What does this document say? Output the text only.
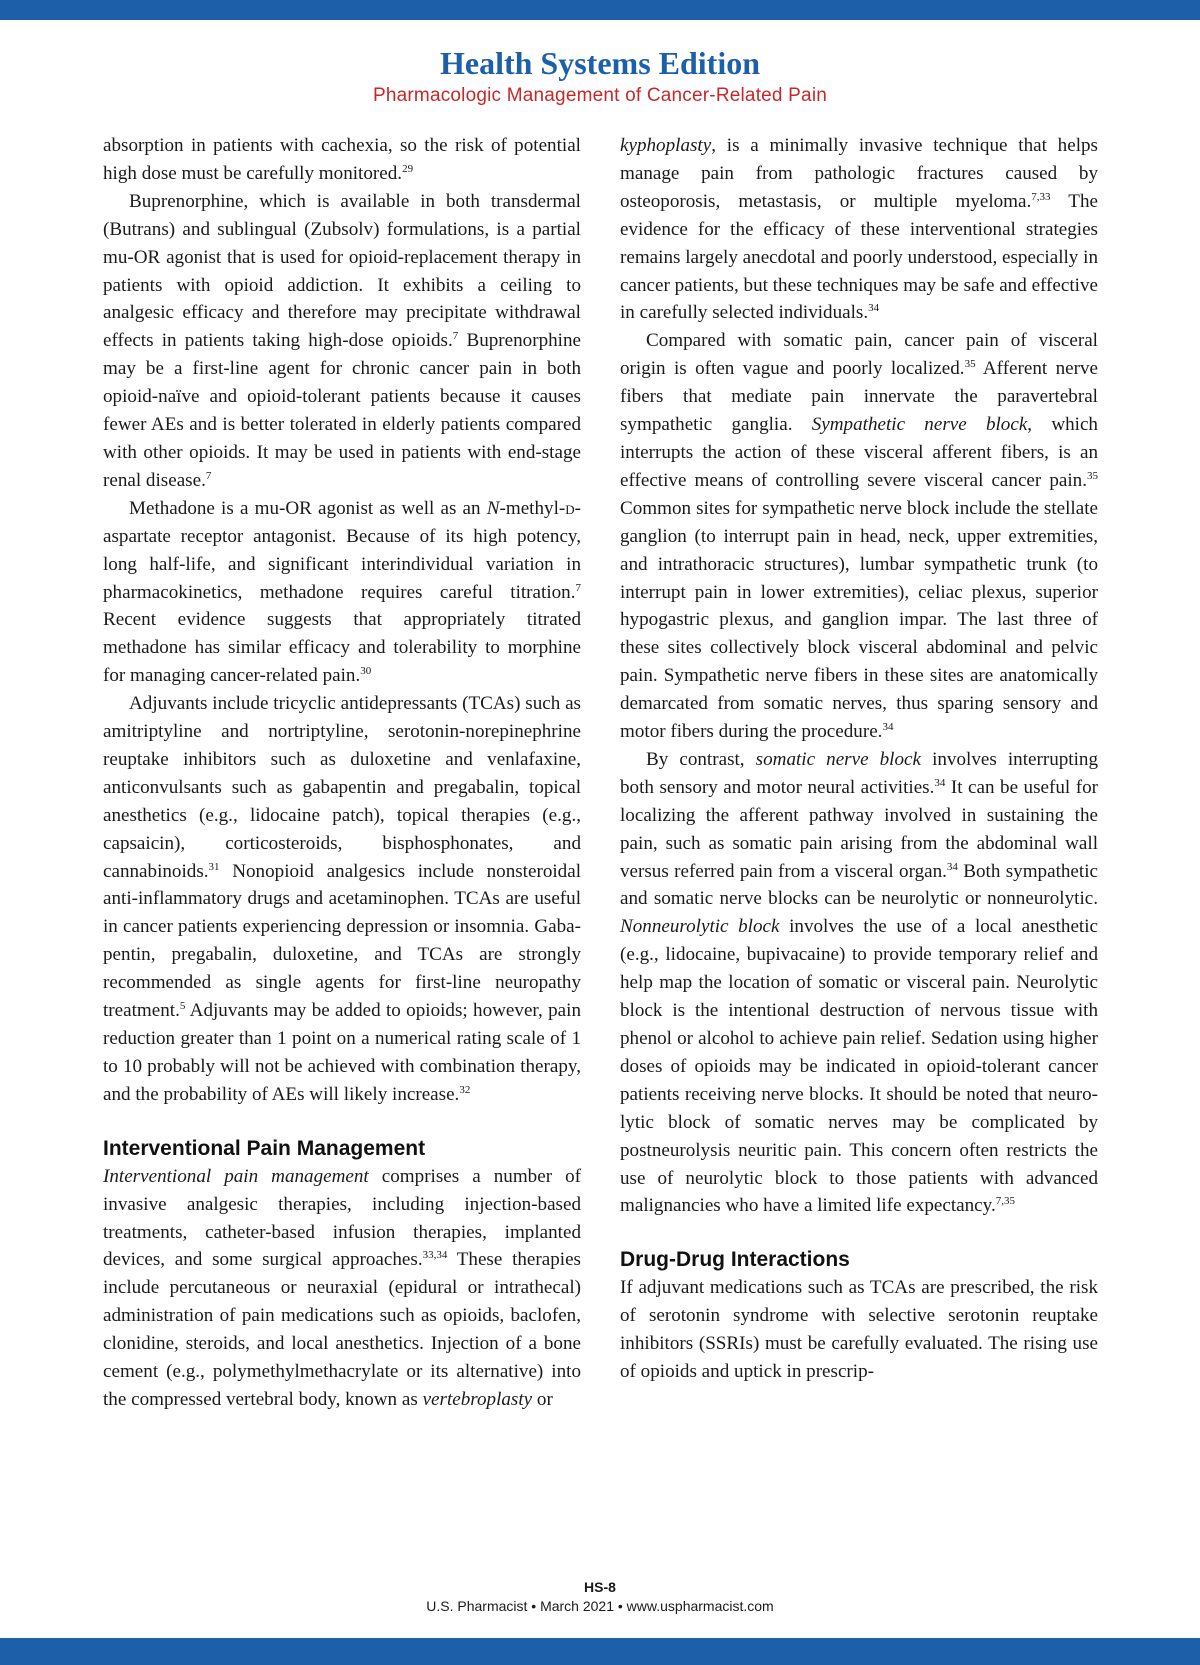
Health Systems Edition
Pharmacologic Management of Cancer-Related Pain

absorption in patients with cachexia, so the risk of potential high dose must be carefully monitored.$^{29}$

Buprenorphine, which is available in both transdermal (Butrans) and sublingual (Zubsolv) formulations, is a partial mu-OR agonist that is used for opioid-replacement therapy in patients with opioid addiction. It exhibits a ceiling to analgesic efficacy and therefore may precipitate withdrawal effects in patients taking high-dose opioids.$^7$ Buprenorphine may be a first-line agent for chronic cancer pain in both opioid-naïve and opioid-tolerant patients because it causes fewer AEs and is better tolerated in elderly patients compared with other opioids. It may be used in patients with end-stage renal disease.$^7$

Methadone is a mu-OR agonist as well as an N-methyl-d-aspartate receptor antagonist. Because of its high potency, long half-life, and significant interindividual variation in pharmacokinetics, methadone requires careful titration.$^7$ Recent evidence suggests that appropriately titrated methadone has similar efficacy and tolerability to morphine for managing cancer-related pain.$^{30}$

Adjuvants include tricyclic antidepressants (TCAs) such as amitriptyline and nortriptyline, serotonin-norepinephrine reuptake inhibitors such as duloxetine and venlafaxine, anticonvulsants such as gabapentin and pregabalin, topical anesthetics (e.g., lidocaine patch), topical therapies (e.g., capsaicin), corticosteroids, bisphosphonates, and cannabinoids.$^{31}$ Nonopioid analgesics include nonsteroidal anti-inflammatory drugs and acetaminophen. TCAs are useful in cancer patients experiencing depression or insomnia. Gabapentin, pregabalin, duloxetine, and TCAs are strongly recommended as single agents for first-line neuropathy treatment.$^5$ Adjuvants may be added to opioids; however, pain reduction greater than 1 point on a numerical rating scale of 1 to 10 probably will not be achieved with combination therapy, and the probability of AEs will likely increase.$^{32}$

Interventional Pain Management

Interventional pain management comprises a number of invasive analgesic therapies, including injection-based treatments, catheter-based infusion therapies, implanted devices, and some surgical approaches.$^{33,34}$ These therapies include percutaneous or neuraxial (epidural or intrathecal) administration of pain medications such as opioids, baclofen, clonidine, steroids, and local anesthetics. Injection of a bone cement (e.g., polymethylmethacrylate or its alternative) into the compressed vertebral body, known as vertebroplasty or

kyphoplasty, is a minimally invasive technique that helps manage pain from pathologic fractures caused by osteoporosis, metastasis, or multiple myeloma.$^{7,33}$ The evidence for the efficacy of these interventional strategies remains largely anecdotal and poorly understood, especially in cancer patients, but these techniques may be safe and effective in carefully selected individuals.$^{34}$

Compared with somatic pain, cancer pain of visceral origin is often vague and poorly localized.$^{35}$ Afferent nerve fibers that mediate pain innervate the paravertebral sympathetic ganglia. Sympathetic nerve block, which interrupts the action of these visceral afferent fibers, is an effective means of controlling severe visceral cancer pain.$^{35}$ Common sites for sympathetic nerve block include the stellate ganglion (to interrupt pain in head, neck, upper extremities, and intrathoracic structures), lumbar sympathetic trunk (to interrupt pain in lower extremities), celiac plexus, superior hypogastric plexus, and ganglion impar. The last three of these sites collectively block visceral abdominal and pelvic pain. Sympathetic nerve fibers in these sites are anatomically demarcated from somatic nerves, thus sparing sensory and motor fibers during the procedure.$^{34}$

By contrast, somatic nerve block involves interrupting both sensory and motor neural activities.$^{34}$ It can be useful for localizing the afferent pathway involved in sustaining the pain, such as somatic pain arising from the abdominal wall versus referred pain from a visceral organ.$^{34}$ Both sympathetic and somatic nerve blocks can be neurolytic or nonneurolytic. Nonneurolytic block involves the use of a local anesthetic (e.g., lidocaine, bupivacaine) to provide temporary relief and help map the location of somatic or visceral pain. Neurolytic block is the intentional destruction of nervous tissue with phenol or alcohol to achieve pain relief. Sedation using higher doses of opioids may be indicated in opioid-tolerant cancer patients receiving nerve blocks. It should be noted that neurolytic block of somatic nerves may be complicated by postneurolysis neuritic pain. This concern often restricts the use of neurolytic block to those patients with advanced malignancies who have a limited life expectancy.$^{7,35}$

Drug-Drug Interactions

If adjuvant medications such as TCAs are prescribed, the risk of serotonin syndrome with selective serotonin reuptake inhibitors (SSRIs) must be carefully evaluated. The rising use of opioids and uptick in prescrip-

HS-8
U.S. Pharmacist • March 2021 • www.uspharmacist.com
